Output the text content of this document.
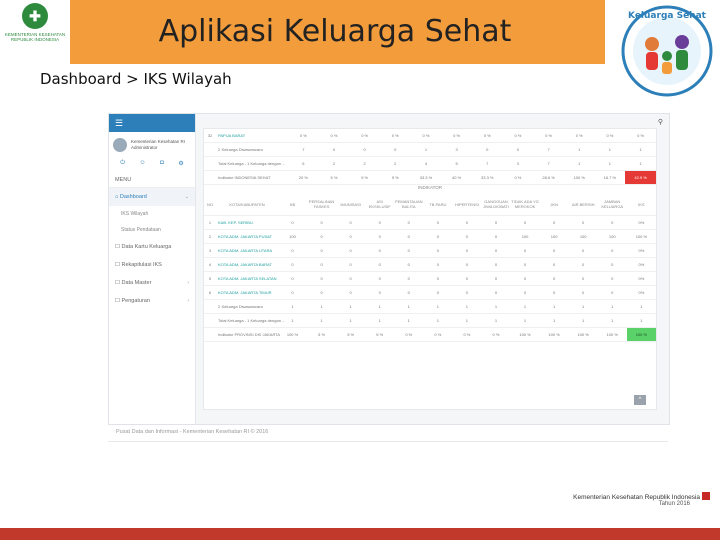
✚
KEMENTERIAN KESEHATAN REPUBLIK INDONESIA	Aplikasi Keluarga Sehat	Keluarga Sehat
Dashboard > IKS Wilayah
☰
Kementerian Kesehatan RI
Administrator
⏻ ☺ ◘ ⚙
MENU
⌂ Dashboard	⌄
IKS Wilayah
Status Pendataan
☐ Data Kartu Keluarga
☐ Rekapitulasi IKS
☐ Data Master	›
☐ Pengaturan	›
⚲
32	PAPUA BARAT	0 %	0 %	0 %	0 %	0 %	0 %	0 %	0 %	0 %	0 %	0 %	0 %
	Σ Keluarga Diwawancara	7	0	0	0	1	3	0	0	7	1	1	1
	Total Keluarga - 1 Keluarga dengan ...	6	2	2	2	4	5	7	3	7	1	1	1
	Indikator INDONESIA SEHAT	20 %	5 %	5 %	5 %	33.3 %	40 %	33.3 %	0 %	28.6 %	100 %	16.7 %	42.9 %
INDIKATOR
NO	KOTA/KABUPATEN	KB	PERSALINAN FASKES	IMUNISASI	ASI EKSKLUSIF	PEMANTAUAN BALITA	TB PARU	HIPERTENSI	GANGGUAN JIWA DIOBATI	TIDAK ADA YG MEROKOK	JKN	AIR BERSIH	JAMBAN KELUARGA	IKS
1	KAB. KEP. SERIBU	0	0	0	0	0	0	0	0	0	0	0	0	0%
2	KOTA ADM. JAKARTA PUSAT	100	0	0	0	0	0	0	0	100	100	100	100	100 %
3	KOTA ADM. JAKARTA UTARA	0	0	0	0	0	0	0	0	0	0	0	0	0%
4	KOTA ADM. JAKARTA BARAT	0	0	0	0	0	0	0	0	0	0	0	0	0%
5	KOTA ADM. JAKARTA SELATAN	0	0	0	0	0	0	0	0	0	0	0	0	0%
6	KOTA ADM. JAKARTA TIMUR	0	0	0	0	0	0	0	0	0	0	0	0	0%
	Σ Keluarga Diwawancara	1	1	1	1	1	1	1	1	1	1	1	1	1
	Total Keluarga - 1 Keluarga dengan ...	1	1	1	1	1	1	1	1	1	1	1	1	1
	Indikator PROVINSI DKI JAKARTA	100 %	5 %	5 %	5 %	0 %	0 %	0 %	0 %	100 %	100 %	100 %	100 %	100 %
^
Pusat Data dan Informasi - Kementerian Kesehatan RI © 2016
Kementerian Kesehatan Republik Indonesia
Tahun 2016
